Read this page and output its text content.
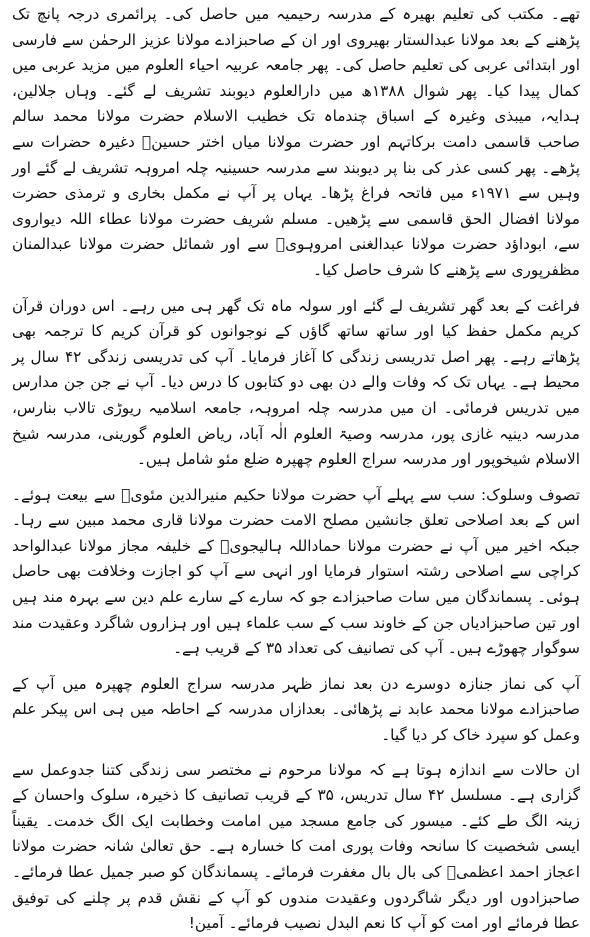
تھے۔ مکتب کی تعلیم بھیرہ کے مدرسہ رحیمیہ میں حاصل کی۔ پرائمری درجہ پانچ تک پڑھنے کے بعد مولانا عبدالستار بھیروی اور ان کے صاحبزادے مولانا عزیز الرحمٰن سے فارسی اور ابتدائی عربی کی تعلیم حاصل کی۔ پھر جامعہ عربیہ احیاء العلوم میں مزید عربی میں کمال پیدا کیا۔ پھر شوال ۱۳۸۸ھ میں دارالعلوم دیوبند تشریف لے گئے۔ وہاں جلالین، ہدایہ، میبذی وغیرہ کے اسباق چندماہ تک خطیب الاسلام حضرت مولانا محمد سالم صاحب قاسمی دامت برکاتہم اور حضرت مولانا میاں اختر حسینؒ دغیرہ حضرات سے پڑھے۔ پھر کسی عذر کی بنا پر دیوبند سے مدرسہ حسینیہ چلہ امروہہ تشریف لے گئے اور وہیں سے ۱۹۷۱ء میں فاتحہ فراغ پڑھا۔ یہاں پر آپ نے مکمل بخاری و ترمذی حضرت مولانا افضال الحق قاسمی سے پڑھیں۔ مسلم شریف حضرت مولانا عطاء اللہ دیواروی سے، ابوداؤد حضرت مولانا عبدالغنی امروہویؒ سے اور شمائل حضرت مولانا عبدالمنان مظفرپوری سے پڑھنے کا شرف حاصل کیا۔

فراغت کے بعد گھر تشریف لے گئے اور سولہ ماہ تک گھر ہی میں رہے۔ اس دوران قرآن کریم مکمل حفظ کیا اور ساتھ ساتھ گاؤں کے نوجوانوں کو قرآن کریم کا ترجمہ بھی پڑھاتے رہے۔ پھر اصل تدریسی زندگی کا آغاز فرمایا۔ آپ کی تدریسی زندگی ۴۲ سال پر محیط ہے۔ یہاں تک کہ وفات والے دن بھی دو کتابوں کا درس دیا۔ آپ نے جن جن مدارس میں تدریس فرمائی۔ ان میں مدرسہ چلہ امروہہ، جامعہ اسلامیہ ریوڑی تالاب بنارس، مدرسہ دینیہ غازی پور، مدرسہ وصیۃ العلوم الٰہ آباد، ریاض العلوم گورینی، مدرسہ شیخ الاسلام شیخوپور اور مدرسہ سراج العلوم چھپرہ ضلع مئو شامل ہیں۔

تصوف وسلوک: سب سے پہلے آپ حضرت مولانا حکیم منیرالدین مئویؒ سے بیعت ہوئے۔ اس کے بعد اصلاحی تعلق جانشین مصلح الامت حضرت مولانا قاری محمد مبین سے رہا۔ جبکہ اخیر میں آپ نے حضرت مولانا حماداللہ ہالیجویؒ کے خلیفہ مجاز مولانا عبدالواحد کراچی سے اصلاحی رشتہ استوار فرمایا اور انہی سے آپ کو اجازت وخلافت بھی حاصل ہوئی۔ پسماندگان میں سات صاحبزادے جو کہ سارے کے سارے علم دین سے بہرہ مند ہیں اور تین صاحبزادیاں جن کے خاوند سب کے سب علماء ہیں اور ہزاروں شاگرد وعقیدت مند سوگوار چھوڑے ہیں۔ آپ کی تصانیف کی تعداد ۳۵ کے قریب ہے۔

آپ کی نماز جنازہ دوسرے دن بعد نماز ظہر مدرسہ سراج العلوم چھپرہ میں آپ کے صاحبزادے مولانا محمد عابد نے پڑھائی۔ بعدازاں مدرسہ کے احاطہ میں ہی اس پیکر علم وعمل کو سپرد خاک کر دیا گیا۔

ان حالات سے اندازہ ہوتا ہے کہ مولانا مرحوم نے مختصر سی زندگی کتنا جدوعمل سے گزاری ہے۔ مسلسل ۴۲ سال تدریس، ۳۵ کے قریب تصانیف کا ذخیرہ، سلوک واحسان کے زینہ الگ طے کئے۔ میسور کی جامع مسجد میں امامت وخطابت ایک الگ خدمت۔ یقیناً ایسی شخصیت کا سانحہ وفات پوری امت کا خسارہ ہے۔ حق تعالیٰ شانہ حضرت مولانا اعجاز احمد اعظمیؒ کی بال بال مغفرت فرمائے۔ پسماندگان کو صبر جمیل عطا فرمائے۔ صاحبزادوں اور دیگر شاگردوں وعقیدت مندوں کو آپ کے نقش قدم پر چلنے کی توفیق عطا فرمائے اور امت کو آپ کا نعم البدل نصیب فرمائے۔ آمین!
